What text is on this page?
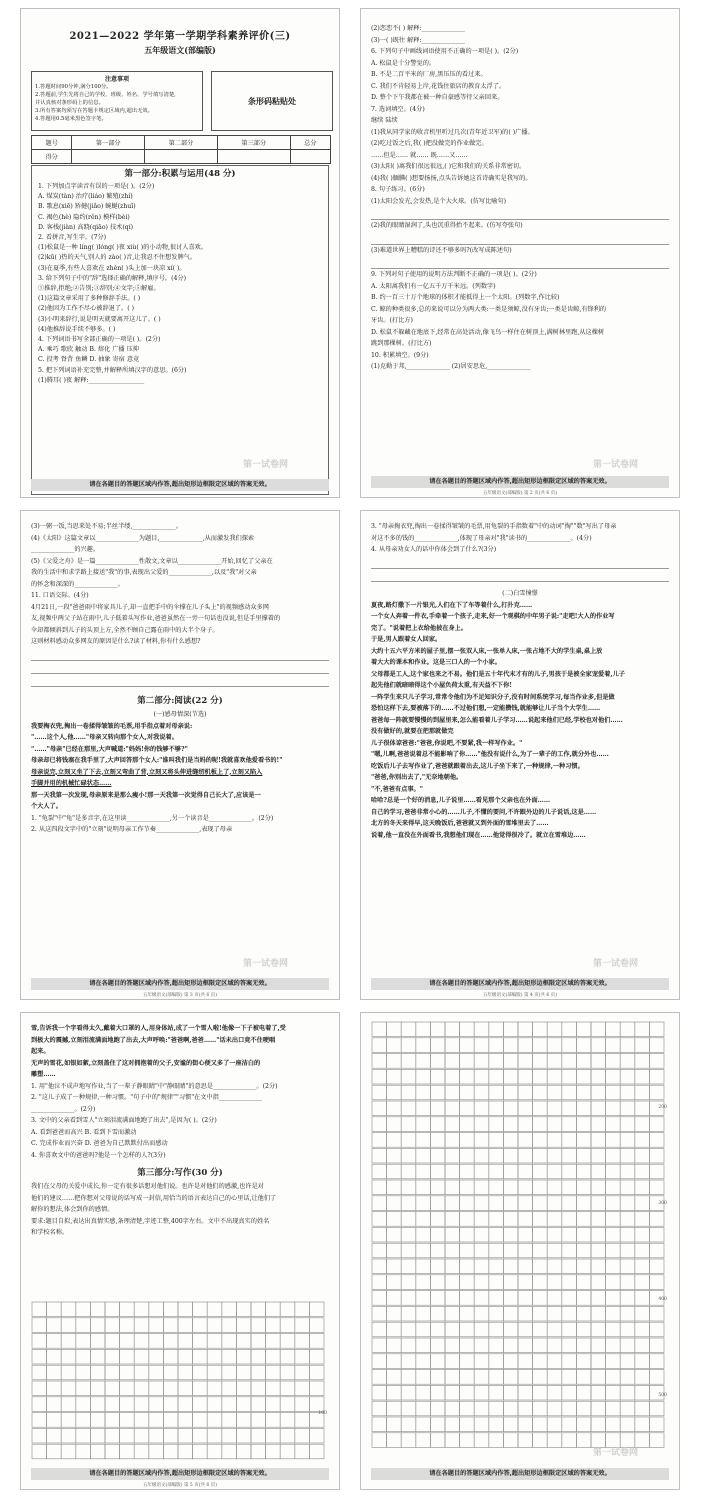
2021—2022 学年第一学期学科素养评价(三)
五年级语文(部编版)
注意事项
1.答题时间90分钟,满分100分。
2.答题前,学生先将自己的学校、班级、姓名、学号填写清楚,
并认真核对条形码上的信息。
3.所有答案均须写在答题卡规定区域内,超出无效。
4.答题用0.5毫米黑色签字笔。
条形码粘贴处
题号	第一部分	第二部分	第三部分	总分
得分				
第一部分:积累与运用(48 分)
1. 下列加点字读音有误的一项是( )。(2分)
A. 煤炭(tàn) 治疗(liáo) 繁殖(zhí)
B. 歌息(xiē) 矫健(jiǎo) 蜿蜒(zhuǐ)
C. 褐色(hè) 隐约(rěn) 模样(bèi)
D. 客栈(jiàn) 高跷(qiāo) 技术(qí)
2. 看拼音,写生字。(7分)
(1)松鼠是一种 líng( )lóng( )夜 xiù( )的小动物,很讨人喜欢。
(2)kū( )热的天气,别人的 zào( )音,让我忍不住想发脾气。
(3)在夏季,有些人喜欢在 zhěn( )头上加一块凉 xí( )。
3. 给下列句子中的"辞"选择正确的解释,填序号。(4分)
①推辞,拒绝;②告别;③辞别;④文字;⑤解雇。
(1)这篇文章采用了多种修辞手法。( )
(2)他因为工作不尽心被辞退了。( )
(3)小明来辞行,说是明天就要离开这儿了。( )
(4)他推辞说手续不够多。( )
4. 下列词语书写全部正确的一项是( )。(2分)
A. 乘巧 歌欣 触动 B. 熔化 广播 压抑
C. 投考 脊背 鱼鳞 D. 抽象 寄宿 意竟
5. 把下列词语补充完整,并解释所填汉字的意思。(6分)
(1)腾耳( )夜 解释:__________________
第一试卷网
请在各题目的答题区域内作答,超出矩形边框限定区域的答案无效。
(2)恋恋不( ) 解释:______________
(3)一( )既往 解释:______________
6. 下列句子中画线词语使用不正确的一项是( )。(2分)
A. 松鼠是十分警觉的。
B. 不是二百平米的厂房,黑压压的看过来。
C. 我们不肯轻易上岸,花钱住旅店的教育太浮了。
D. 整个下午我都在被一种自豪感等待父亲回来。
7. 选词填空。(4分)
继续 陆续
(1)我从同学家的收音机里听过几次(青年近卫军)的( )广播。
(2)吃过饭之后,我( )把没做完的作业做完。
……但是…… 就…… 既……又……
(3)太阳( )离我们很远很远,( )它和我们的关系非常密切。
(4)我( )腼腆( )想要扬扬,点头告诉她这首诗确实是我写的。
8. 句子练习。(6分)
(1)太阳会发光,会发热,是个大火球。(仿写比喻句)
(2)我的眼睛湿润了,头也沉重得抬不起来。(仿写夸张句)
(3)难道世界上糟糕的诗还不够多吗?(改写成陈述句)
9. 下列对句子使用的说明方法判断不正确的一项是( )。(2分)
A. 太阳离我们有一亿五千万千米远。(列数字)
B. 约一百三十万个地球的体积才能抵得上一个太阳。(列数字,作比较)
C. 鲸的种类很多,总的来说可以分为两大类:一类是须鲸,没有牙齿;一类是齿鲸,有锋利的
牙齿。(打比方)
D. 松鼠不躲藏在地底下,经常在高处活动,像飞鸟一样住在树顶上,满树林里跑,从这棵树
跳到那棵树。(打比方)
10. 积累填空。(9分)
(1)克勤于邦,______________ (2)居安思危,______________
第一试卷网
请在各题目的答题区域内作答,超出矩形边框限定区域的答案无效。
五年级语文(部编版) 第 2 页(共 6 页)
(3)一粥一饭,当思来处不易;半丝半缕,______________。
(4)《太阳》这篇文章以______________为题目,______________,从而激发我们探索
______________的兴趣。
(5)《父爱之舟》是一篇______________性散文,文章以______________开始,回忆了父亲在
我的生活中和求学路上接送"我"的事,表现出父爱的______________,以及"我"对父亲
的怀念和深深的______________。
11. 口语交际。(4分)
4月21日,一段"爸爸雨中将家具儿子,却一直把手中的伞撑在儿子头上"的视频感动众多网
友,视频中两父子站在雨中,儿子低着头写作业,爸爸虽然在一旁一句话也没说,但是手里撑着的
伞却都倾斜到儿子的头顶上方,全然不顾自己露在雨中的大半个身子。
这则材料感动众多网友的原因是什么?读了材料,你有什么感想?
第二部分:阅读(22 分)
(一)感母情深(节选)
我要掏衣兜,掏出一卷揉得皱皱的毛票,用手指点着对母亲说:
"……这个人,他……"母亲又转向那个女人,对我说着。
"……"母亲"已经在那里,大声喊道:"妈妈!你的钱够不够?"
母亲却已将钱塞在我手里了,大声回答那个女人:"谁叫我们是当妈的呢!我就喜欢他爱看书的!"
母亲说完,立刻又坐了下去,立刻又弯曲了背,立刻又将头伸进缝纫机板上了,立刻又陷入
手脚并用的机械忙碌状态……
那一天我第一次发现,母亲原来是那么瘦小!那一天我第一次觉得自己长大了,应该是一
个大人了。
1. "龟裂"中"龟"是多音字,在这里读______________,另一个读音是______________。(2分)
2. 从这四段文字中的"立刻"说明母亲工作节奏______________,表现了母亲
第一试卷网
请在各题目的答题区域内作答,超出矩形边框限定区域的答案无效。
五年级语文(部编版) 第 3 页(共 6 页)
3. "母亲掏衣兜,掏出一卷揉得皱皱的毛票,用龟裂的手指数着"中的动词"掏""数"写出了母亲
对这不多的钱的______________,体现了母亲对"我"读书的______________。(4分)
4. 从母亲劝女人的话中你体会到了什么?(3分)
(二)白雪憧憬
夏夜,路灯撒下一片银光,人们在下了车等着什么,打扑克……
一个女人奔着一件衣,手牵着一个孩子,走来,好一个观棋的中年男子说:"走吧!大人的作业写
完了。"说着把上衣给他披在身上。
于是,男人跟着女人回家。
大约十五六平方米的屋子里,摆一张双人床,一张单人床,一张占地不大的学生桌,桌上放
着大大的课本和作业。这是三口人的一个小家。
父母都是工人,这个家也来之不易。他们是五十年代末才有的儿子,男孩于是被全家宠爱着,儿子
起先他们就暗暗得这个小屋负荷太重,有天益不下你!
一阵学生来只儿子学习,常常令他们为不足知识分子,没有时间系统学习,每当作业多,但是做
恐怕这样下去,要被落下的……不过他们想,一定能攒钱,就能够让儿子当个大学生……
爸爸每一阵就要慢慢的到屋里来,怎么能看着儿子学习……说起来他们已经,学校也对他们……
没有做好的,就要在把那就做完
儿子很体谅爸爸:"爸爸,你说吧,不要紧,我一样写作业。"
"嗯,儿啊,爸爸说着总不能影响了你……"他没有说什么,为了一辈子的工作,就分外也……
吃饭后儿子去写作业了,爸爸就跟着出去,这儿子坐下来了,一种规律,一种习惯。
"爸爸,你别出去了,"无奈地朝他。
"不,爸爸有点事。"
哈哈?总是一个好的消息,儿子说里……看见那个父亲也在外面……
自己的学习,爸爸非常小心的……儿子,不懂的要问,不许跟外边的儿子说话,这是……
北方的冬天来得早,这天晚饭后,爸爸就又到外面的雪堆里去了……
说着,他一直没在外面看书,我想他们现在……他觉得很冷了。就立在雪堆边……
第一试卷网
请在各题目的答题区域内作答,超出矩形边框限定区域的答案无效。
五年级语文(部编版) 第 4 页(共 6 页)
雪,告诉我一个字看得太久,戴着大口罩的人,用身体站,成了一个雪人啦!他像一下子被电着了,受
到极大的震撼,立刻泪流满面地跑了出去,大声呼唤:"爸爸啊,爸爸……"话未出口竟不住哽咽
起来。
无声的雪花,如银如絮,立刻盖住了这对拥抱着的父子,安谧的街心便又多了一座洁白的
雕塑……
1. 用"他泣不成声地写作业,当了一辈子静眼睛"中"静眼睛"的意思是______________。(2分)
2. "这儿子成了一种规律,一种习惯。"句子中的"规律""习惯"在文中指______________
______________。(2分)
3. 文中的父亲看到雪人"立刻泪流满面地跑了出去",是因为( )。(2分)
A. 看到爸爸而高兴 B. 看到下雪而激动
C. 完成作业而兴奋 D. 爸爸为自己默默付出而感动
4. 你喜欢文中的爸爸吗?他是一个怎样的人?(3分)
第三部分:写作(30 分)
我们在父母的关爱中成长,你一定有很多话想对他们说。也许是对他们的感激,也许是对
他们的建议……把你想对父母说的话写成一封信,用恰当的语言表达自己的心里话,让他们了
解你的想法,体会到你的感情。
要求:题目自拟,表达出真情实感,条理清楚,字迹工整,400字左右。文中不出现真实的姓名
和学校名称。
100
请在各题目的答题区域内作答,超出矩形边框限定区域的答案无效。
五年级语文(部编版) 第 5 页(共 6 页)
200
300
400
500
第一试卷网
请在各题目的答题区域内作答,超出矩形边框限定区域的答案无效。
